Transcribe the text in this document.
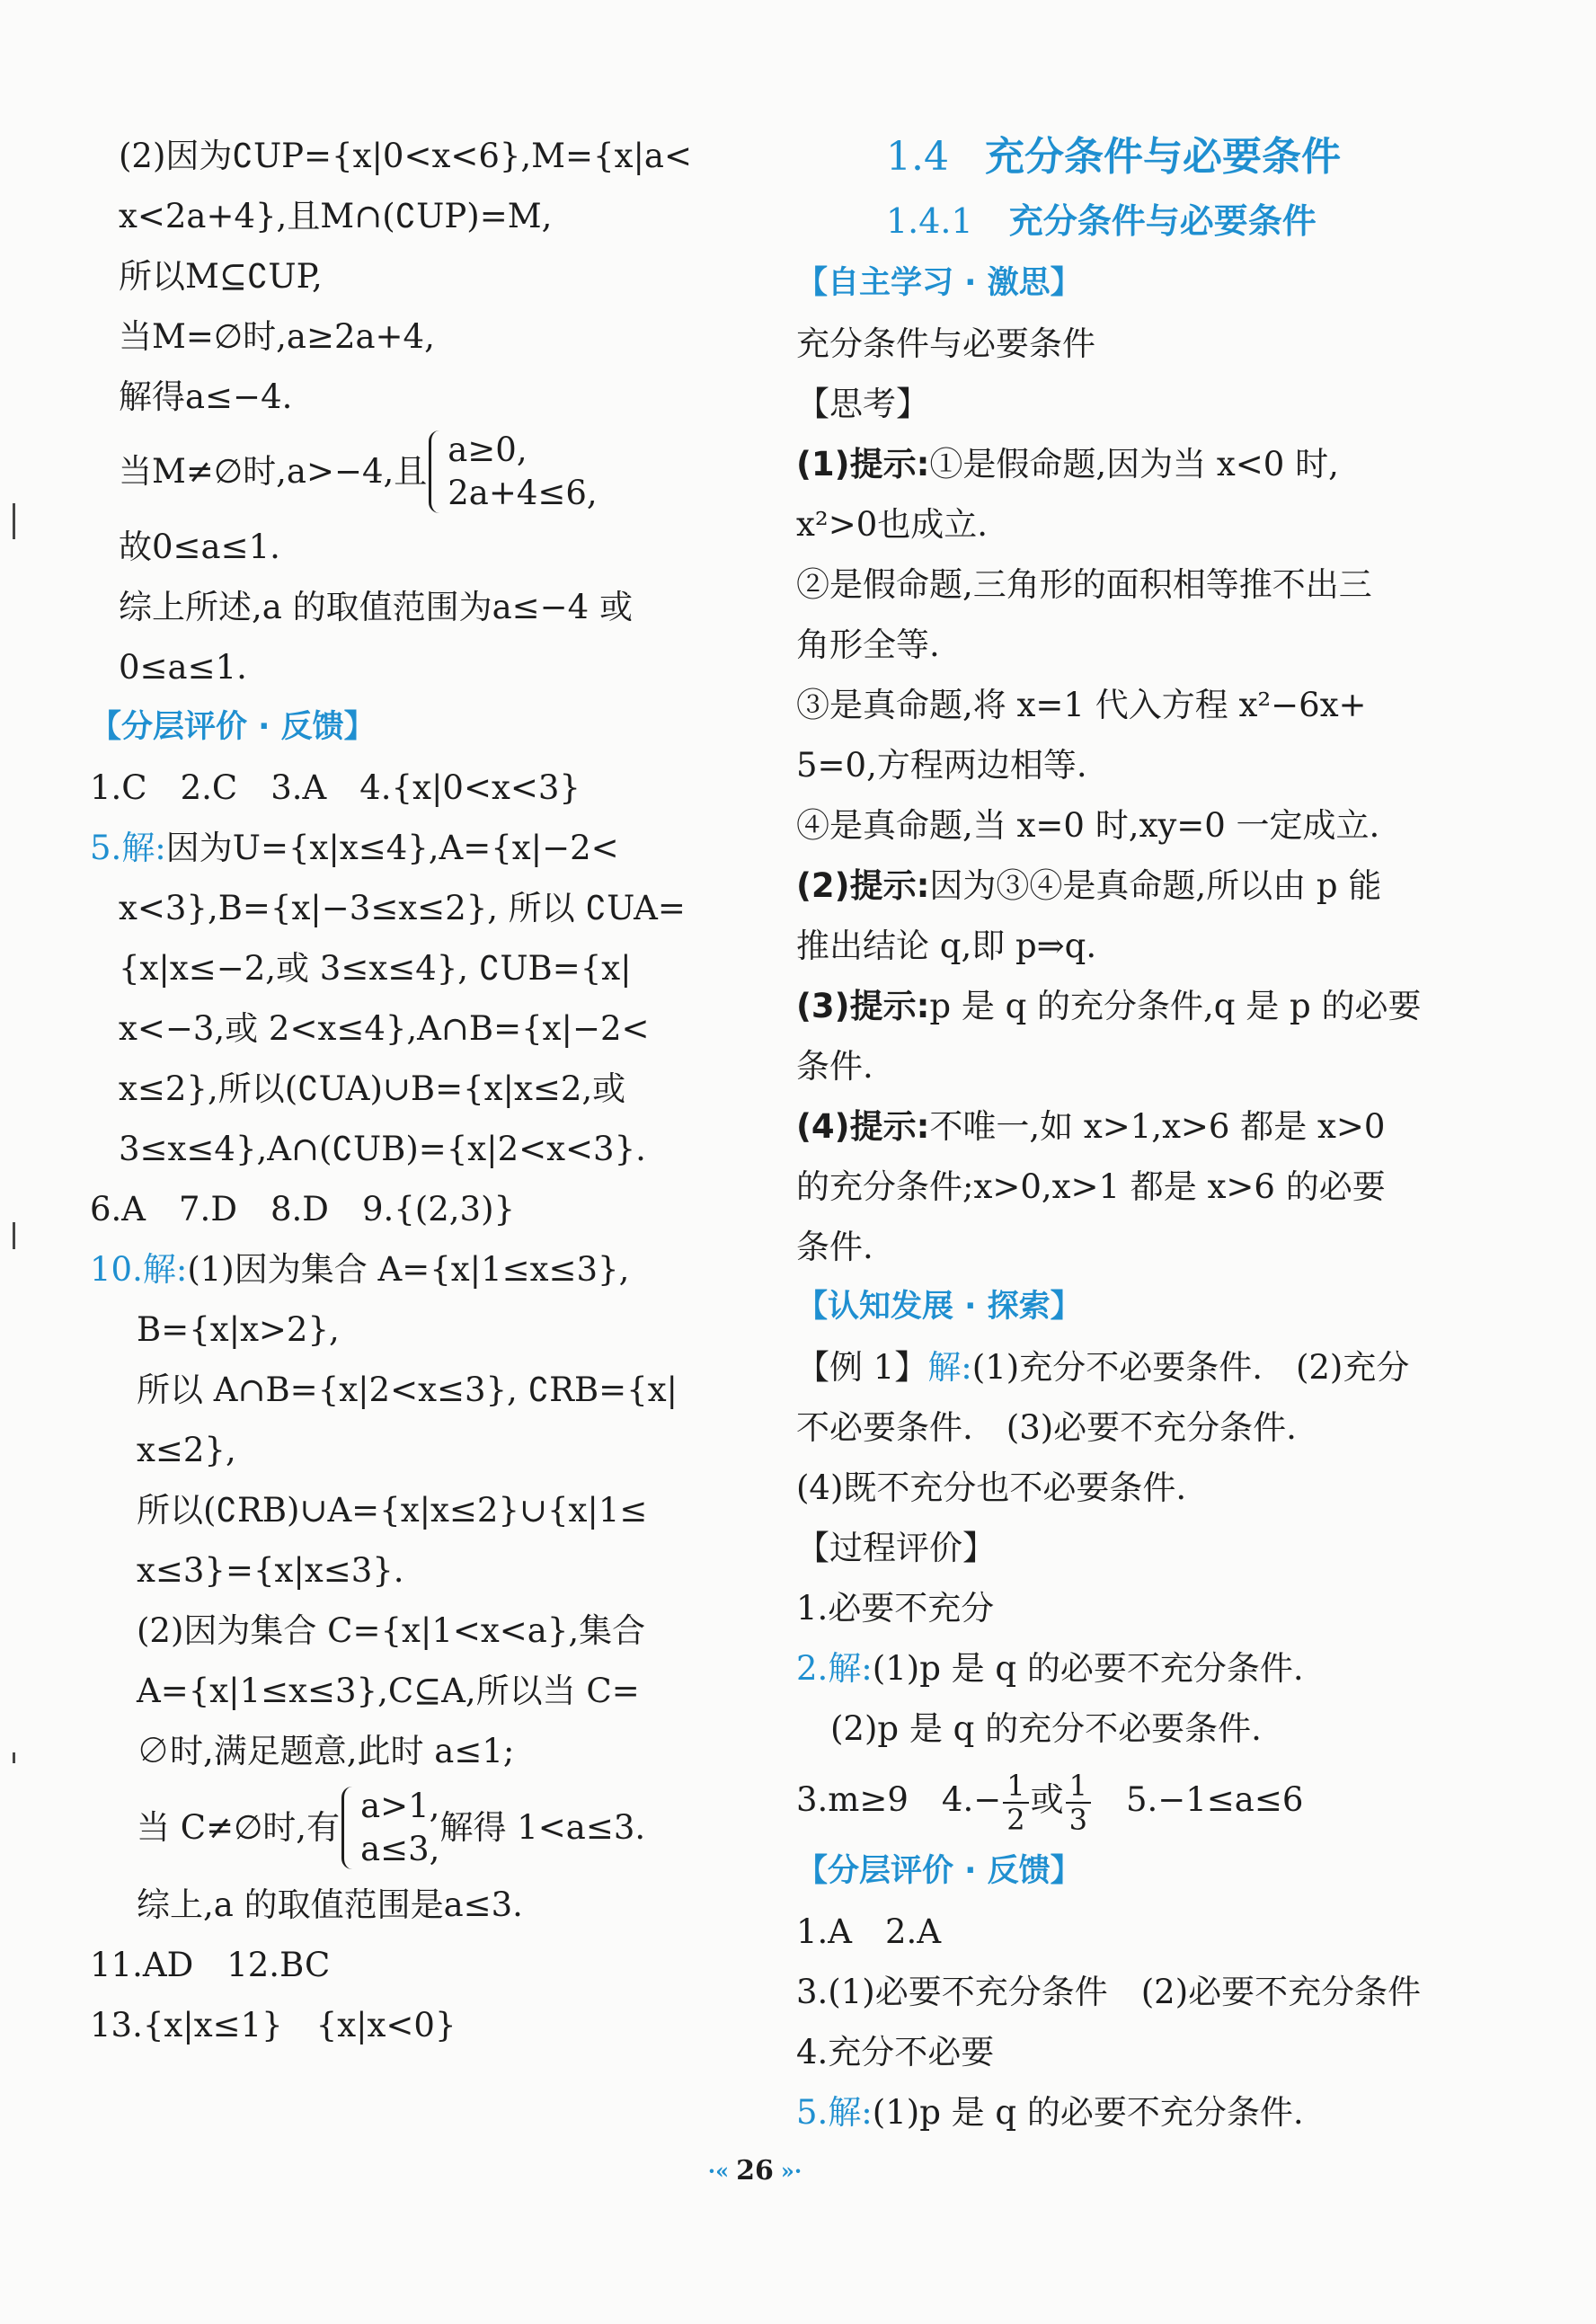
(2)因为∁UP={x|0<x<6},M={x|a<
x<2a+4},且M∩(∁UP)=M,
所以M⊆∁UP,
当M=∅时,a≥2a+4,
解得a≤−4.
当M≠∅时,a>−4,且
a≥0,
2a+4≤6,
故0≤a≤1.
综上所述,a 的取值范围为a≤−4 或
0≤a≤1.
【分层评价 · 反馈】
1.C　2.C　3.A　4.{x|0<x<3}
5.解:因为U={x|x≤4},A={x|−2<
x<3},B={x|−3≤x≤2}, 所以 ∁UA=
{x|x≤−2,或 3≤x≤4}, ∁UB={x|
x<−3,或 2<x≤4},A∩B={x|−2<
x≤2},所以(∁UA)∪B={x|x≤2,或
3≤x≤4},A∩(∁UB)={x|2<x<3}.
6.A　7.D　8.D　9.{(2,3)}
10.解:(1)因为集合 A={x|1≤x≤3},
B={x|x>2},
所以 A∩B={x|2<x≤3}, ∁RB={x|
x≤2},
所以(∁RB)∪A={x|x≤2}∪{x|1≤
x≤3}={x|x≤3}.
(2)因为集合 C={x|1<x<a},集合
A={x|1≤x≤3},C⊆A,所以当 C=
∅时,满足题意,此时 a≤1;
当 C≠∅时,有
a>1,
a≤3,
解得 1<a≤3.
综上,a 的取值范围是a≤3.
11.AD　12.BC
13.{x|x≤1}　{x|x<0}
1.4 充分条件与必要条件
1.4.1 充分条件与必要条件
【自主学习 · 激思】
充分条件与必要条件
【思考】
(1)提示:①是假命题,因为当 x<0 时,
x²>0也成立.
②是假命题,三角形的面积相等推不出三
角形全等.
③是真命题,将 x=1 代入方程 x²−6x+
5=0,方程两边相等.
④是真命题,当 x=0 时,xy=0 一定成立.
(2)提示:因为③④是真命题,所以由 p 能
推出结论 q,即 p⇒q.
(3)提示:p 是 q 的充分条件,q 是 p 的必要
条件.
(4)提示:不唯一,如 x>1,x>6 都是 x>0
的充分条件;x>0,x>1 都是 x>6 的必要
条件.
【认知发展 · 探索】
【例 1】解:(1)充分不必要条件.　(2)充分
不必要条件.　(3)必要不充分条件.
(4)既不充分也不必要条件.
【过程评价】
1.必要不充分
2.解:(1)p 是 q 的必要不充分条件.
(2)p 是 q 的充分不必要条件.
3.m≥9　$4.- \frac{1}{2}$ 或 $\frac{1}{3}$ 　5.−1≤a≤6
【分层评价 · 反馈】
1.A　2.A
3.(1)必要不充分条件　(2)必要不充分条件
4.充分不必要
5.解:(1)p 是 q 的必要不充分条件.
·« 26 »·
